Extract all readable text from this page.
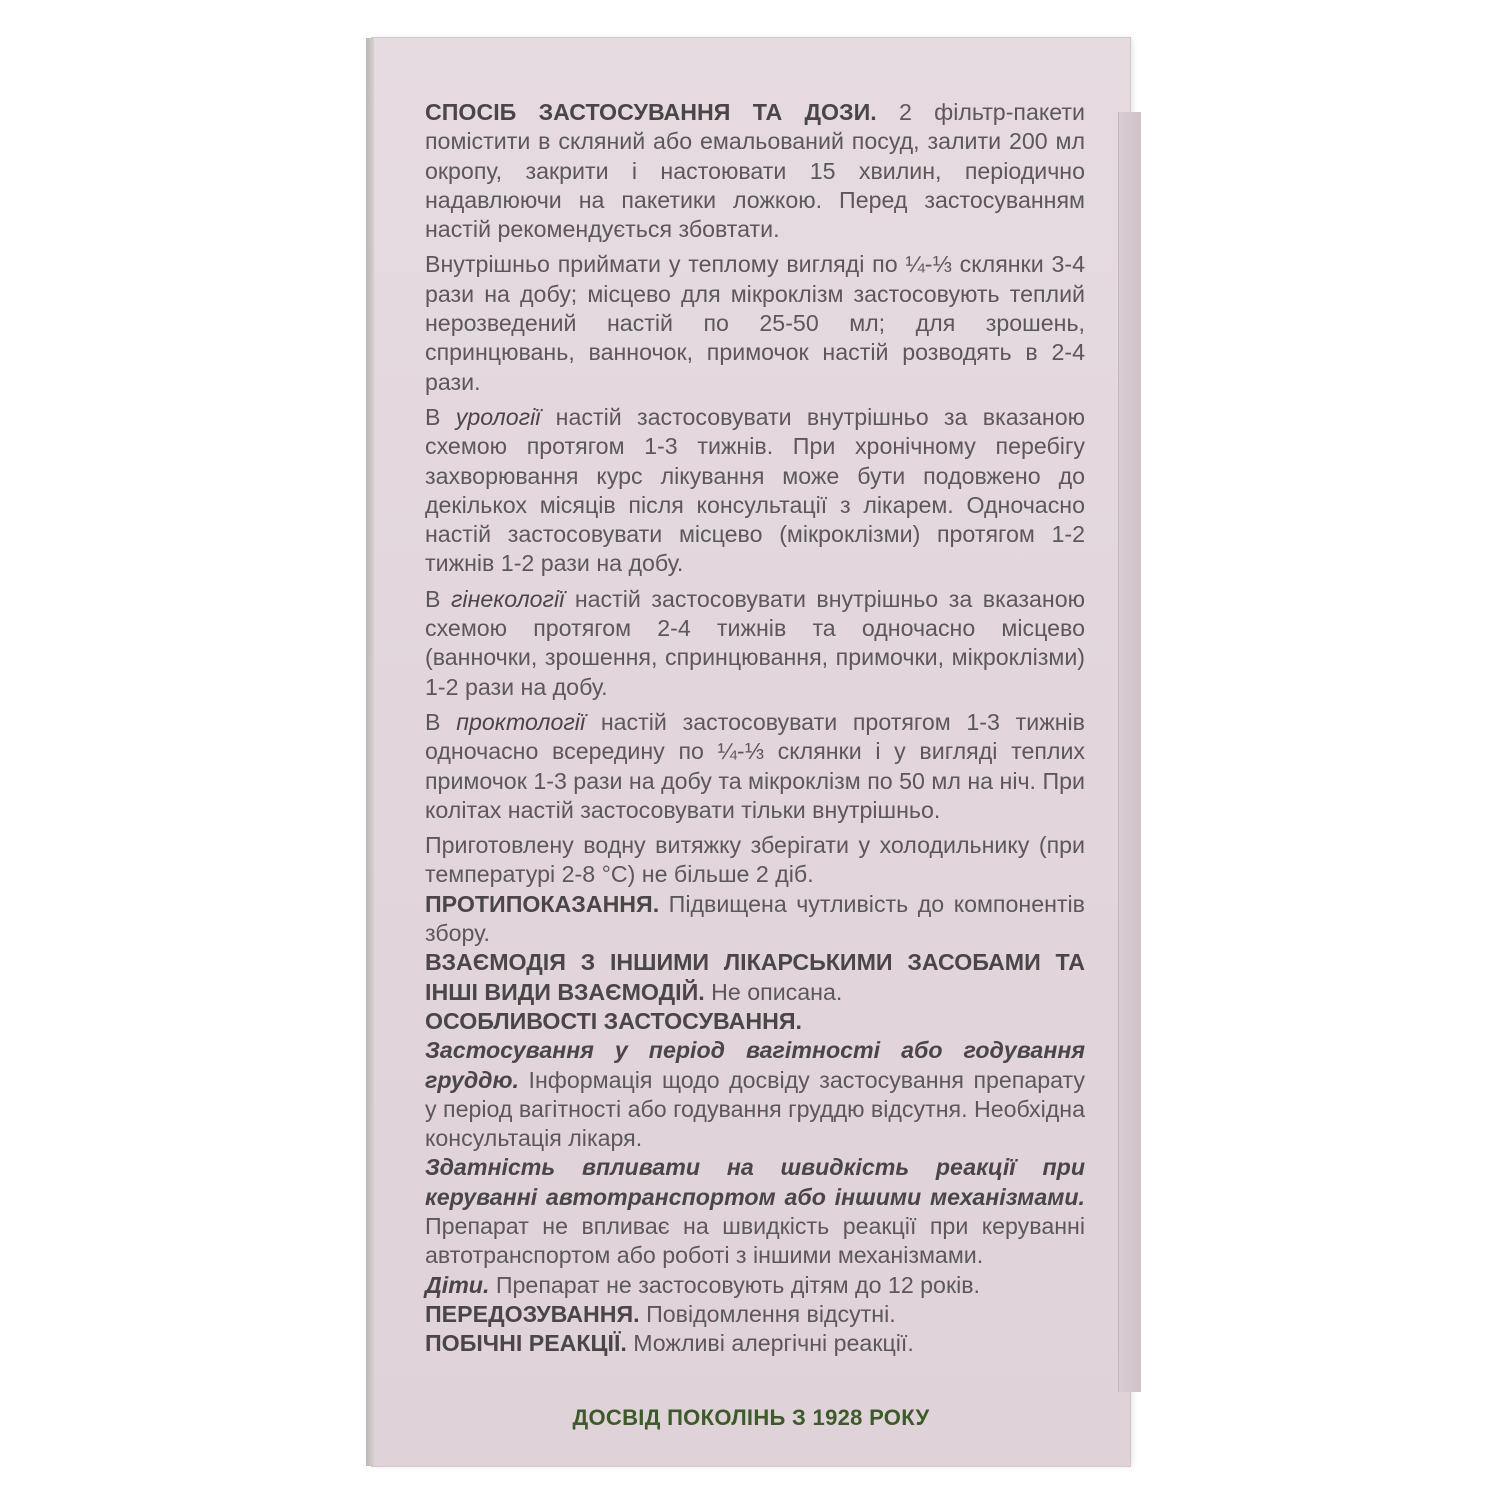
СПОСІБ ЗАСТОСУВАННЯ ТА ДОЗИ. 2 фільтр-пакети помістити в скляний або емальований посуд, залити 200 мл окропу, закрити і настоювати 15 хвилин, періодично надавлюючи на пакетики ложкою. Перед застосуванням настій рекомендується збовтати.

Внутрішньо приймати у теплому вигляді по ¼-⅓ склянки 3-4 рази на добу; місцево для мікроклізм застосовують теплий нерозведений настій по 25-50 мл; для зрошень, спринцювань, ванночок, примочок настій розводять в 2-4 рази.

В урології настій застосовувати внутрішньо за вказаною схемою протягом 1-3 тижнів. При хронічному перебігу захворювання курс лікування може бути подовжено до декількох місяців після консультації з лікарем. Одночасно настій застосовувати місцево (мікроклізми) протягом 1-2 тижнів 1-2 рази на добу.

В гінекології настій застосовувати внутрішньо за вказаною схемою протягом 2-4 тижнів та одночасно місцево (ванночки, зрошення, спринцювання, примочки, мікроклізми) 1-2 рази на добу.

В проктології настій застосовувати протягом 1-3 тижнів одночасно всередину по ¼-⅓ склянки і у вигляді теплих примочок 1-3 рази на добу та мікроклізм по 50 мл на ніч. При колітах настій застосовувати тільки внутрішньо.

Приготовлену водну витяжку зберігати у холодильнику (при температурі 2-8 °С) не більше 2 діб.

ПРОТИПОКАЗАННЯ. Підвищена чутливість до компонентів збору.

ВЗАЄМОДІЯ З ІНШИМИ ЛІКАРСЬКИМИ ЗАСОБАМИ ТА ІНШІ ВИДИ ВЗАЄМОДІЙ. Не описана.

ОСОБЛИВОСТІ ЗАСТОСУВАННЯ.

Застосування у період вагітності або годування груддю. Інформація щодо досвіду застосування препарату у період вагітності або годування груддю відсутня. Необхідна консультація лікаря.

Здатність впливати на швидкість реакції при керуванні автотранспортом або іншими механізмами. Препарат не впливає на швидкість реакції при керуванні автотранспортом або роботі з іншими механізмами.

Діти. Препарат не застосовують дітям до 12 років.

ПЕРЕДОЗУВАННЯ. Повідомлення відсутні.

ПОБІЧНІ РЕАКЦІЇ. Можливі алергічні реакції.

ДОСВІД ПОКОЛІНЬ З 1928 РОКУ
